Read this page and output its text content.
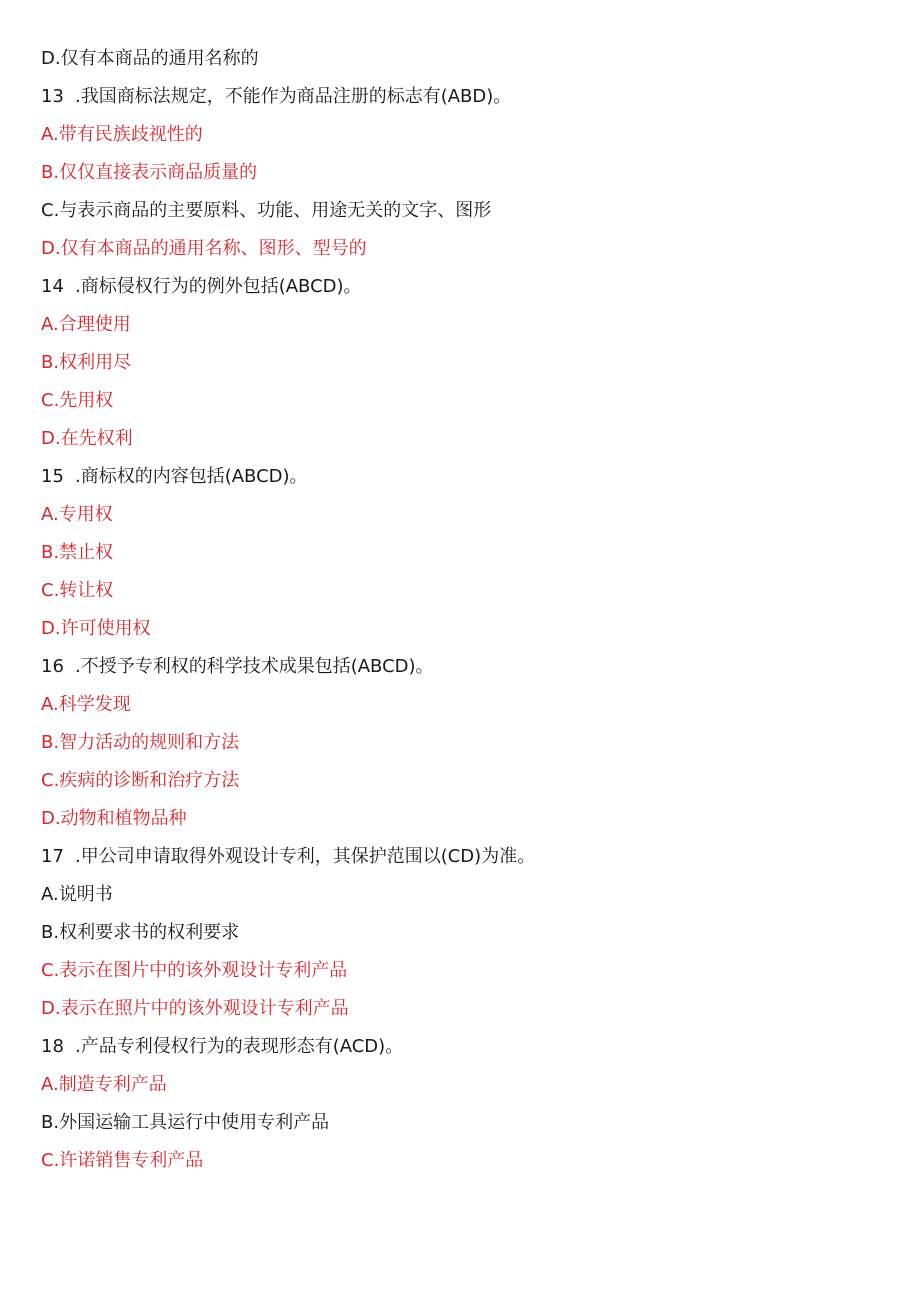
D.仅有本商品的通用名称的
13 .我国商标法规定，不能作为商品注册的标志有(ABD)。
A.带有民族歧视性的
B.仅仅直接表示商品质量的
C.与表示商品的主要原料、功能、用途无关的文字、图形
D.仅有本商品的通用名称、图形、型号的
14 .商标侵权行为的例外包括(ABCD)。
A.合理使用
B.权利用尽
C.先用权
D.在先权利
15 .商标权的内容包括(ABCD)。
A.专用权
B.禁止权
C.转让权
D.许可使用权
16 .不授予专利权的科学技术成果包括(ABCD)。
A.科学发现
B.智力活动的规则和方法
C.疾病的诊断和治疗方法
D.动物和植物品种
17 .甲公司申请取得外观设计专利，其保护范围以(CD)为准。
A.说明书
B.权利要求书的权利要求
C.表示在图片中的该外观设计专利产品
D.表示在照片中的该外观设计专利产品
18 .产品专利侵权行为的表现形态有(ACD)。
A.制造专利产品
B.外国运输工具运行中使用专利产品
C.许诺销售专利产品
